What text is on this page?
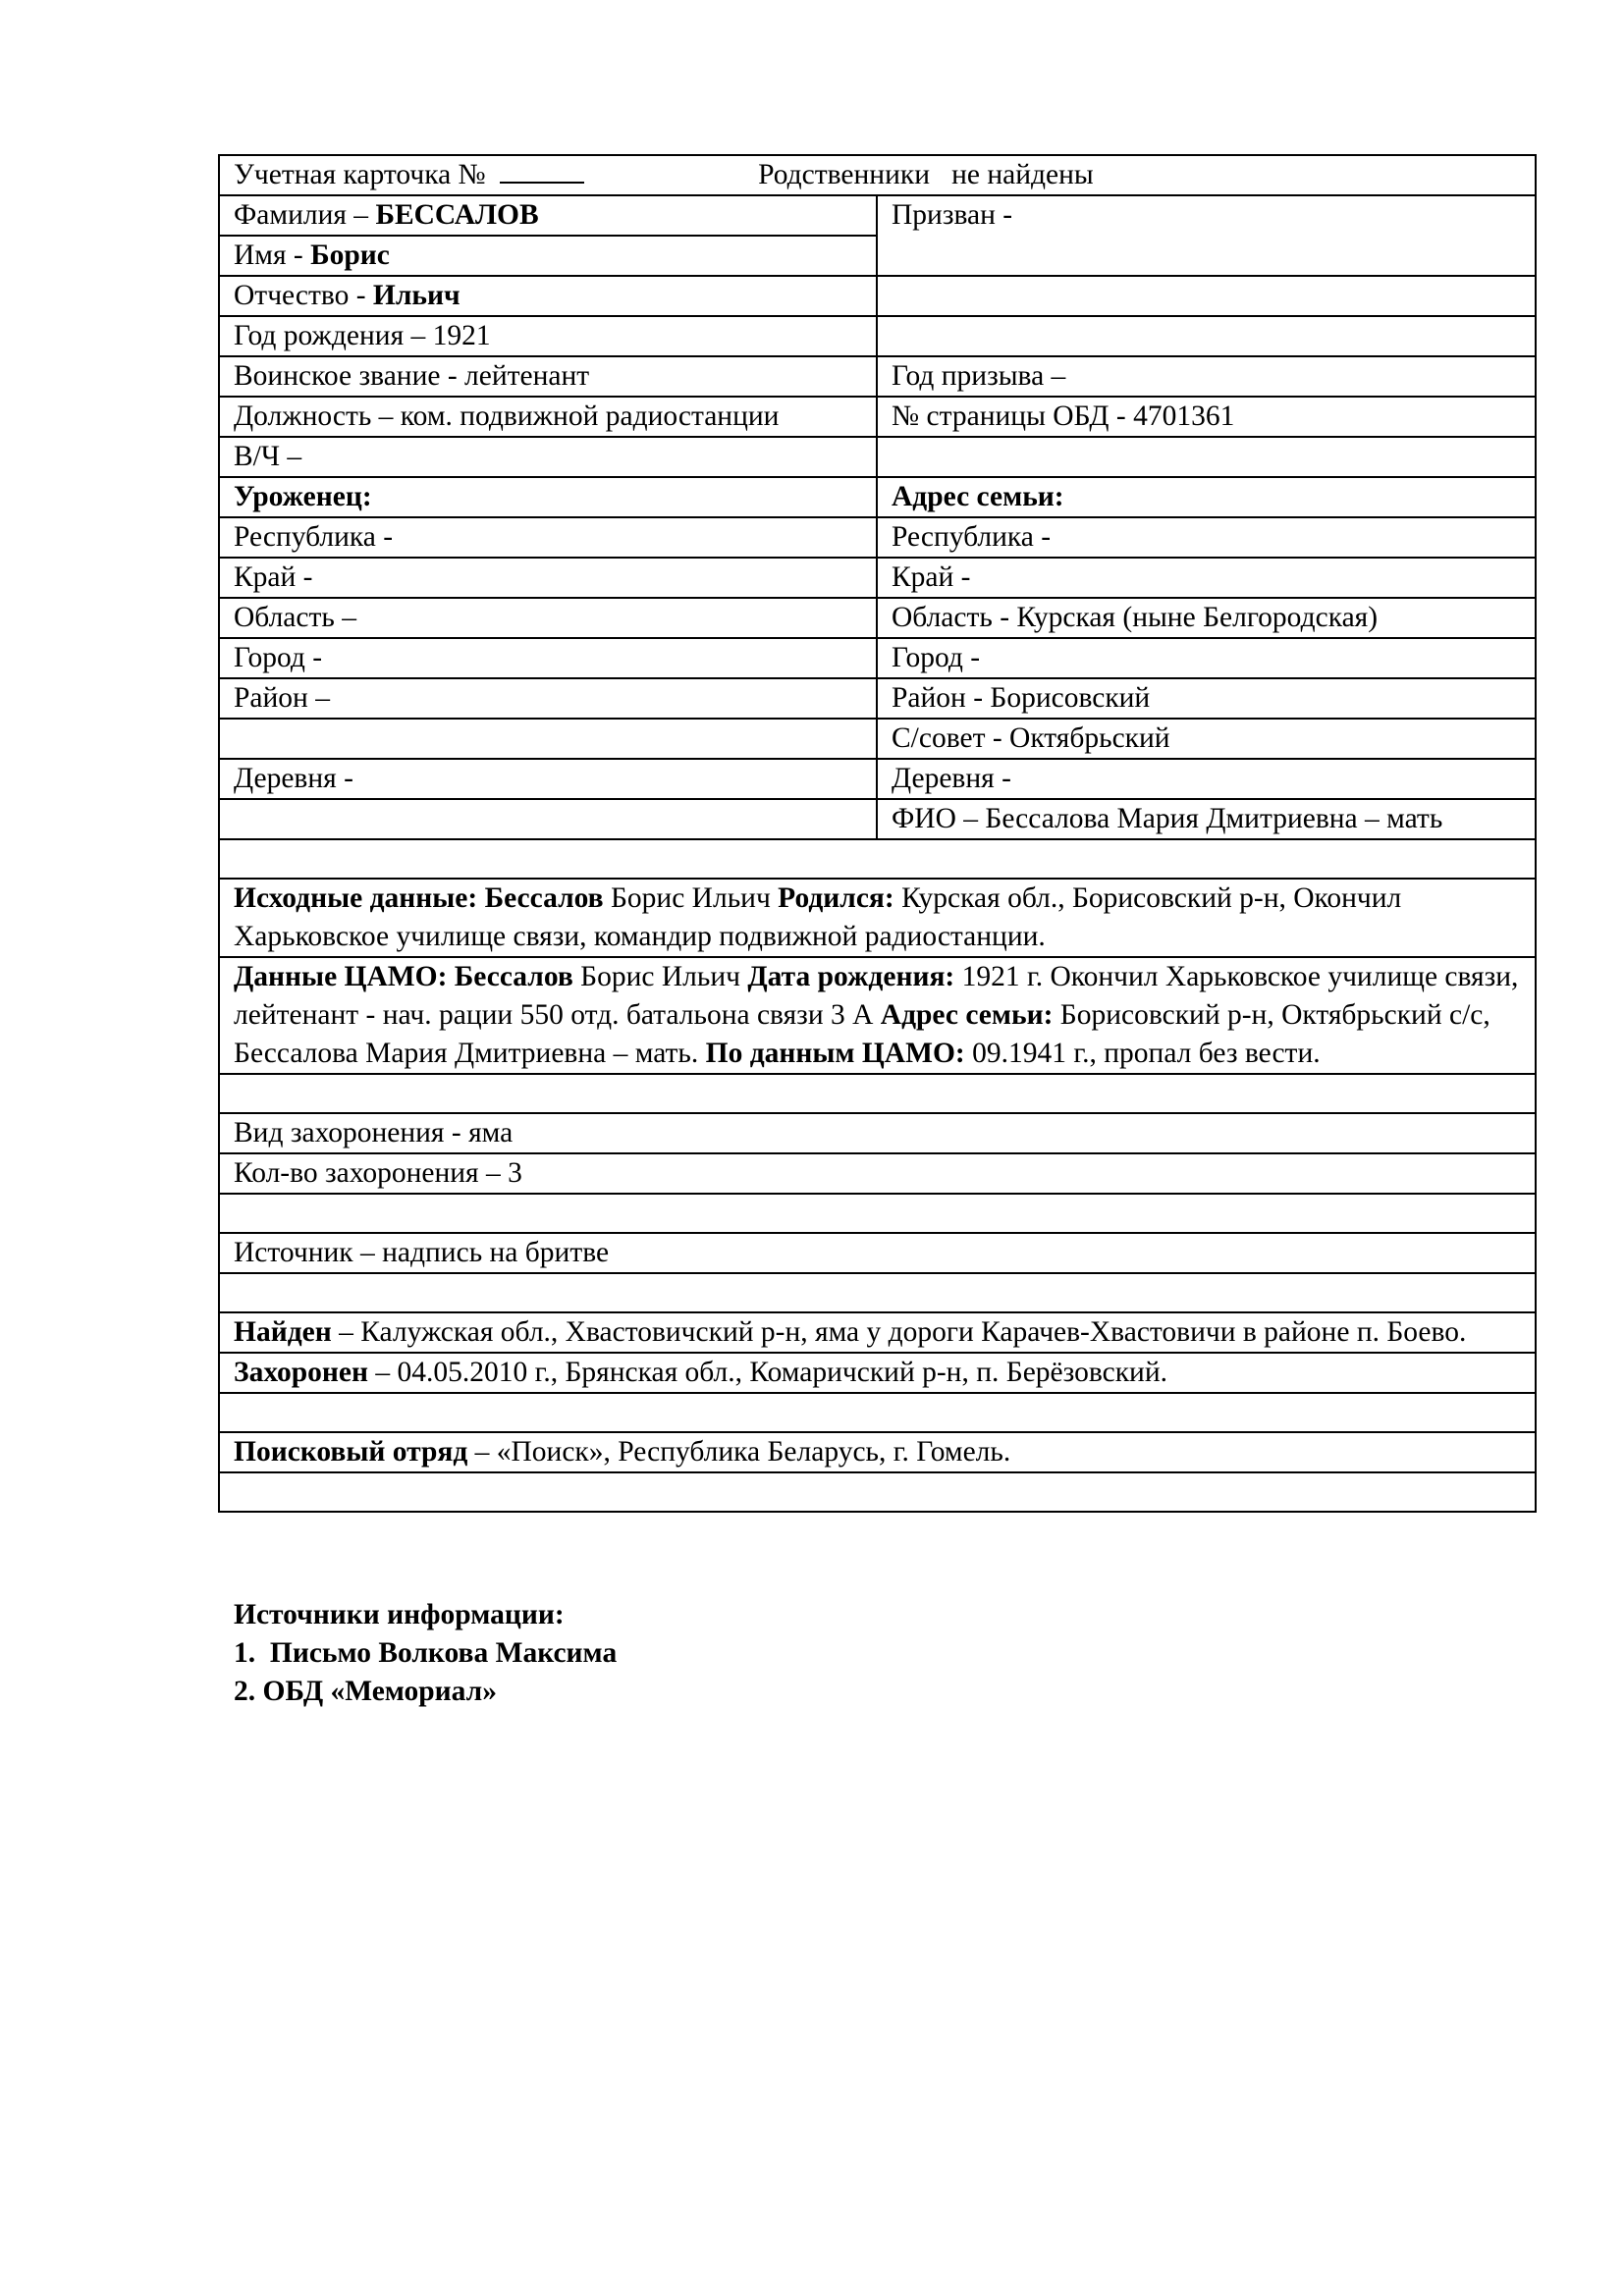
Учетная карточка № Родственники   не найдены	
Фамилия – БЕССАЛОВ	Призван -
Имя - Борис	
Отчество - Ильич	
Год рождения – 1921	
Воинское звание - лейтенант	Год призыва –
Должность – ком. подвижной радиостанции	№ страницы ОБД - 4701361
В/Ч –	
Уроженец:	Адрес семьи:
Республика -	Республика -
Край -	Край -
Область –	Область - Курская (ныне Белгородская)
Город -	Город -
Район –	Район - Борисовский
	С/совет - Октябрьский
Деревня -	Деревня -
	ФИО – Бессалова Мария Дмитриевна – мать

Исходные данные: Бессалов Борис Ильич Родился: Курская обл., Борисовский р-н, Окончил Харьковское училище связи, командир подвижной радиостанции.	
Данные ЦАМО: Бессалов Борис Ильич Дата рождения: 1921 г. Окончил Харьковское училище связи, лейтенант - нач. рации 550 отд. батальона связи 3 А Адрес семьи: Борисовский р-н, Октябрьский с/с, Бессалова Мария Дмитриевна – мать. По данным ЦАМО: 09.1941 г., пропал без вести.	

Вид захоронения - яма	
Кол-во захоронения – 3	

Источник – надпись на бритве	

Найден – Калужская обл., Хвастовичский р-н, яма у дороги Карачев-Хвастовичи в районе п. Боево.	
Захоронен – 04.05.2010 г., Брянская обл., Комаричский р-н, п. Берёзовский.	

Поисковый отряд – «Поиск», Республика Беларусь, г. Гомель.	

Источники информации:
1.  Письмо Волкова Максима
2. ОБД «Мемориал»
